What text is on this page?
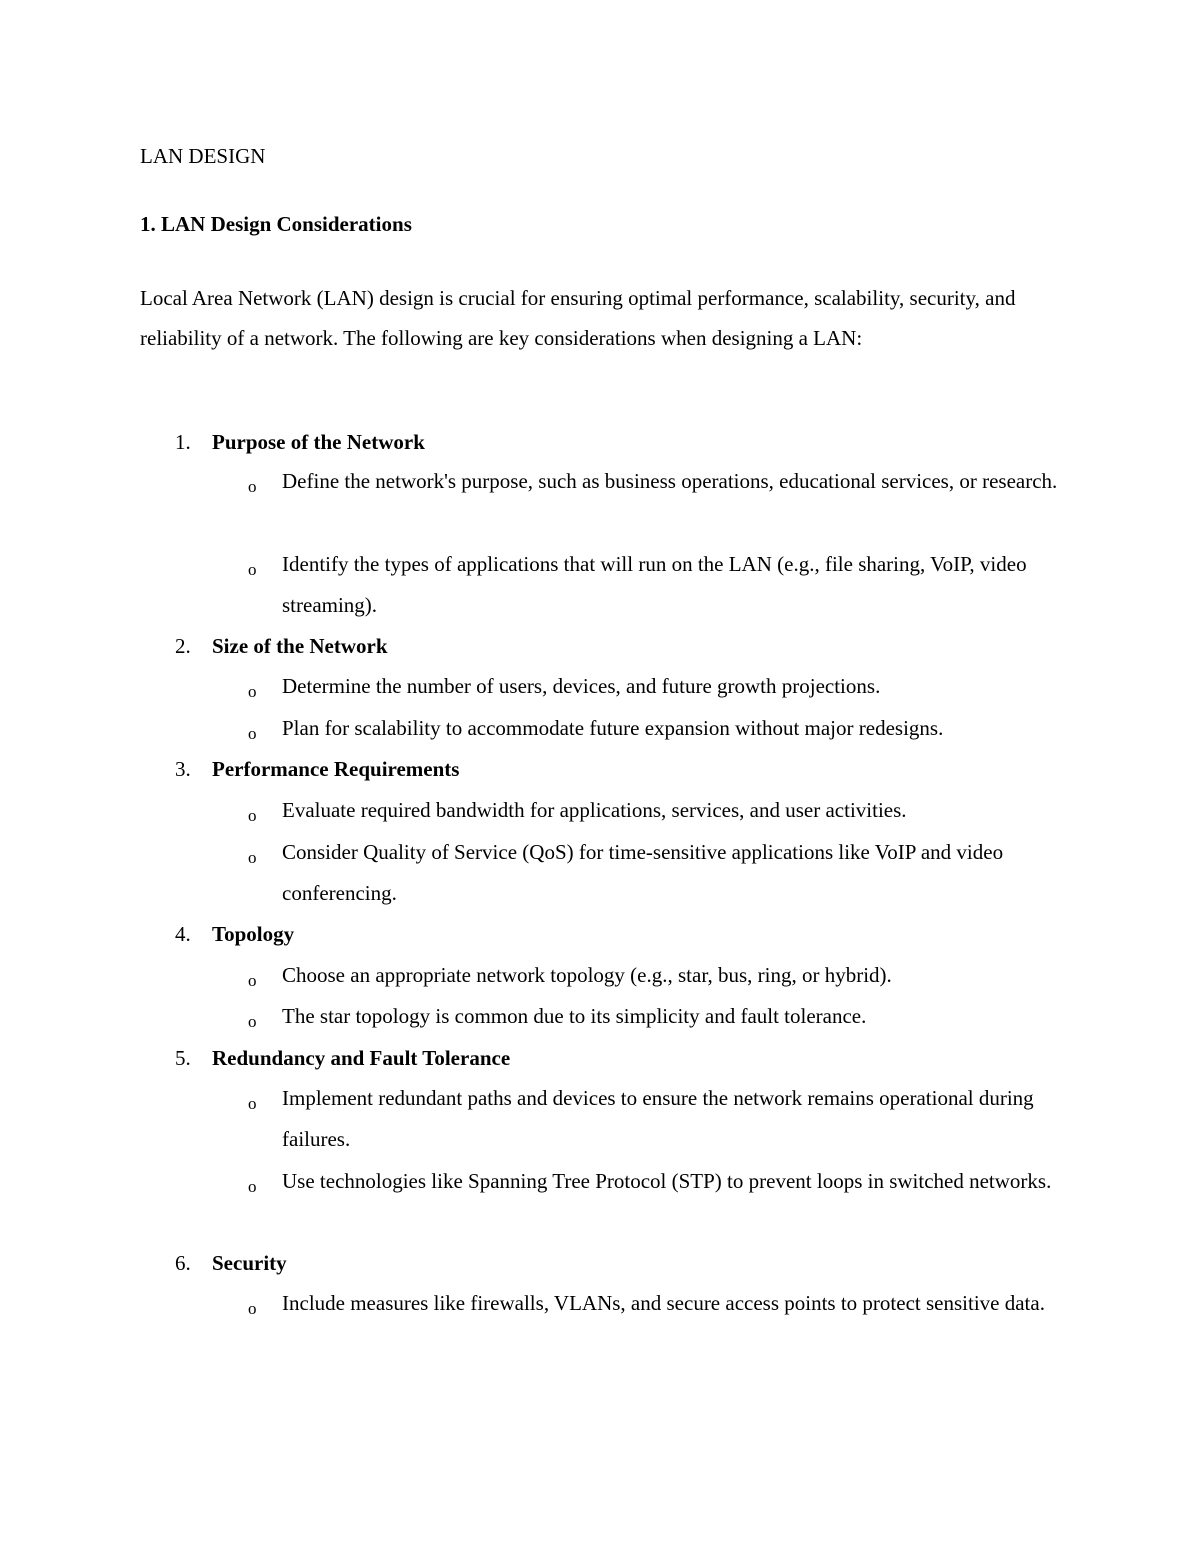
LAN DESIGN
1. LAN Design Considerations

Local Area Network (LAN) design is crucial for ensuring optimal performance, scalability, security, and reliability of a network. The following are key considerations when designing a LAN:

1. Purpose of the Network
o Define the network's purpose, such as business operations, educational services, or research.

o Identify the types of applications that will run on the LAN (e.g., file sharing, VoIP, video streaming).

2. Size of the Network
o Determine the number of users, devices, and future growth projections.

o Plan for scalability to accommodate future expansion without major redesigns.

3. Performance Requirements
o Evaluate required bandwidth for applications, services, and user activities.

o Consider Quality of Service (QoS) for time-sensitive applications like VoIP and video conferencing.

4. Topology
o Choose an appropriate network topology (e.g., star, bus, ring, or hybrid).

o The star topology is common due to its simplicity and fault tolerance.

5. Redundancy and Fault Tolerance
o Implement redundant paths and devices to ensure the network remains operational during failures.

o Use technologies like Spanning Tree Protocol (STP) to prevent loops in switched networks.

6. Security
o Include measures like firewalls, VLANs, and secure access points to protect sensitive data.
